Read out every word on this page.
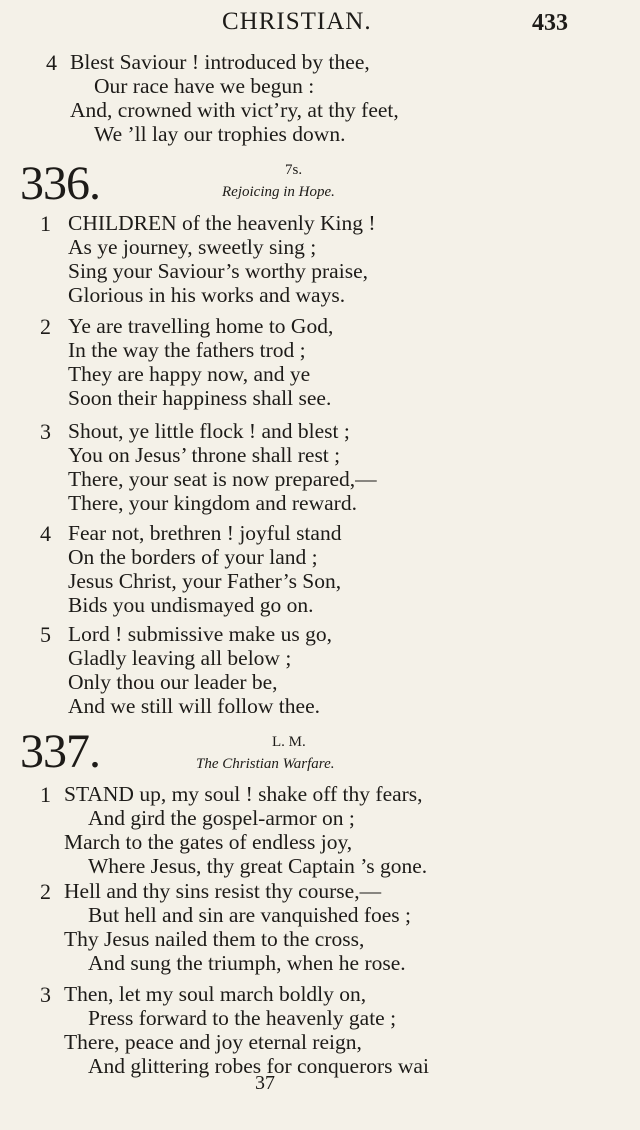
CHRISTIAN.	433
4 Blest Saviour ! introduced by thee,
Our race have we begun :
And, crowned with vict’ry, at thy feet,
We ’ll lay our trophies down.
336.	7s.
Rejoicing in Hope.
1 CHILDREN of the heavenly King !
As ye journey, sweetly sing ;
Sing your Saviour’s worthy praise,
Glorious in his works and ways.
2 Ye are travelling home to God,
In the way the fathers trod ;
They are happy now, and ye
Soon their happiness shall see.
3 Shout, ye little flock ! and blest ;
You on Jesus’ throne shall rest ;
There, your seat is now prepared,—
There, your kingdom and reward.
4 Fear not, brethren ! joyful stand
On the borders of your land ;
Jesus Christ, your Father’s Son,
Bids you undismayed go on.
5 Lord ! submissive make us go,
Gladly leaving all below ;
Only thou our leader be,
And we still will follow thee.
337.	L. M.
The Christian Warfare.
1 STAND up, my soul ! shake off thy fears,
And gird the gospel-armor on ;
March to the gates of endless joy,
Where Jesus, thy great Captain ’s gone.
2 Hell and thy sins resist thy course,—
But hell and sin are vanquished foes ;
Thy Jesus nailed them to the cross,
And sung the triumph, when he rose.
3 Then, let my soul march boldly on,
Press forward to the heavenly gate ;
There, peace and joy eternal reign,
And glittering robes for conquerors wai
37
